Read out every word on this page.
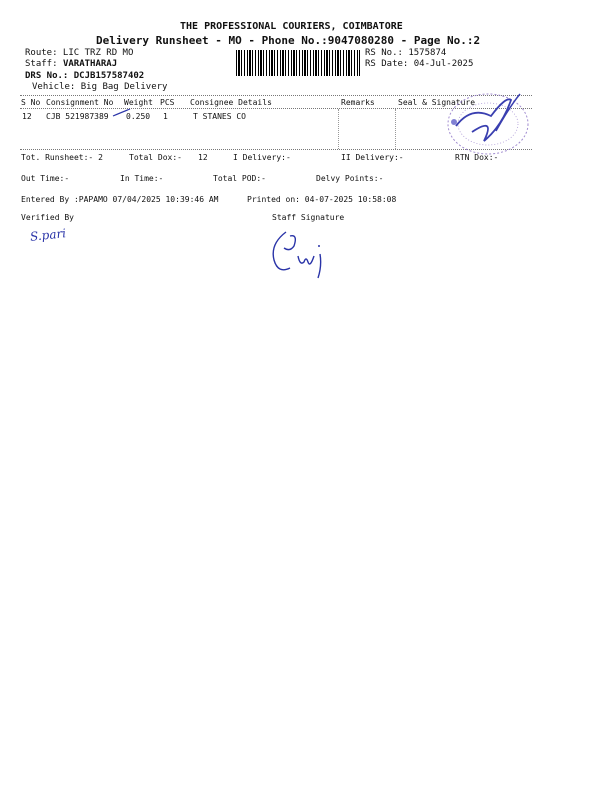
THE PROFESSIONAL COURIERS, COIMBATORE
Delivery Runsheet - MO - Phone No.:9047080280 - Page No.:2
Route: LIC TRZ RD MO
Staff: VARATHARAJ
DRS No.: DCJB157587402
Vehicle: Big Bag Delivery
RS No.: 1575874
RS Date: 04-Jul-2025
S No Consignment No Weight PCS Consignee Details	Remarks	Seal & Signature
12 CJB 521987389 0.250 1	T STANES CO
Tot. Runsheet:- 2	Total Dox:- 12	I Delivery:-	II Delivery:-	RTN Dox:-
Out Time:-	In Time:-	Total POD:-	Delvy Points:-
Entered By :PAPAMO 07/04/2025 10:39:46 AM	Printed on: 04-07-2025 10:58:08
Verified By	Staff Signature
S.pari
